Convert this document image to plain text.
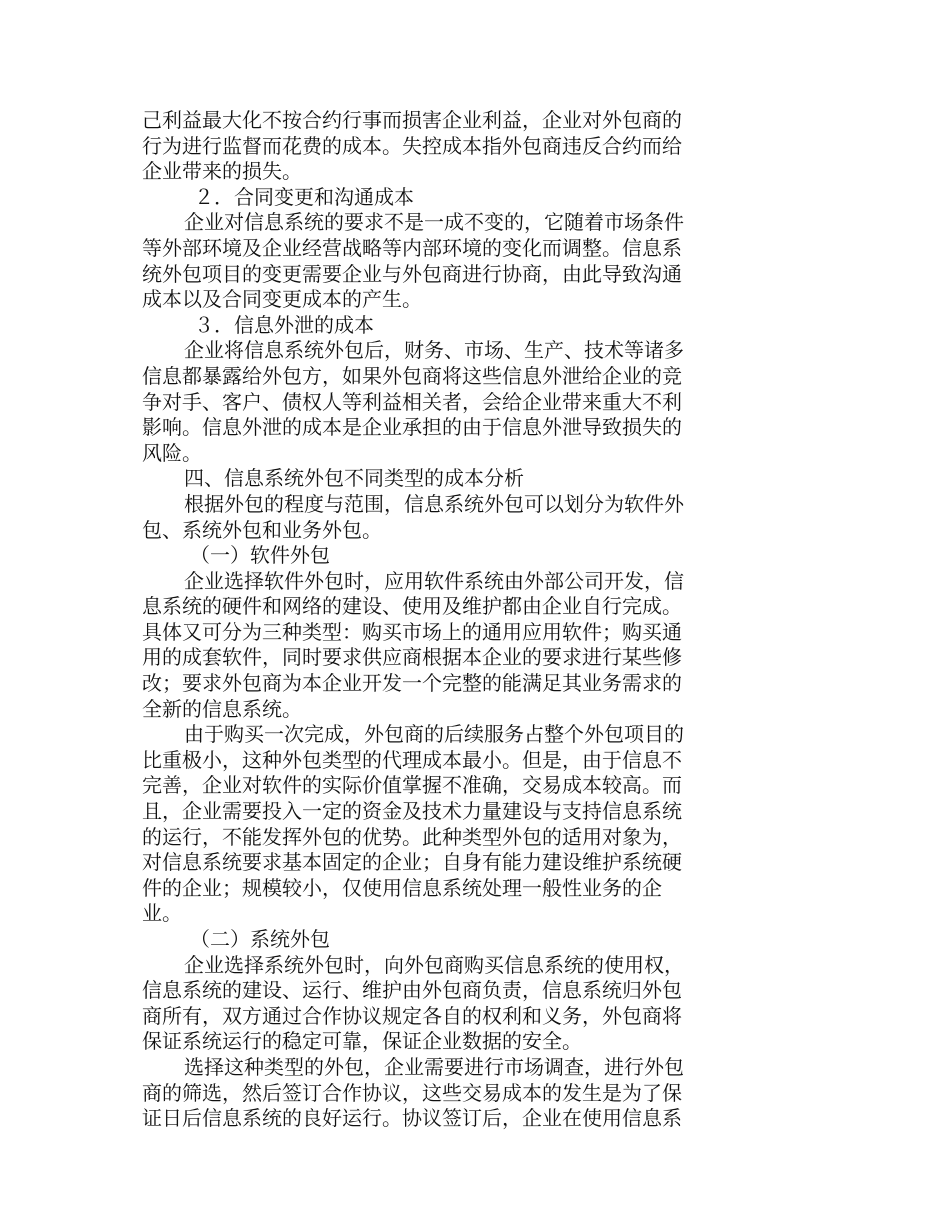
己利益最大化不按合约行事而损害企业利益，企业对外包商的
行为进行监督而花费的成本。失控成本指外包商违反合约而给
企业带来的损失。
２．合同变更和沟通成本
企业对信息系统的要求不是一成不变的，它随着市场条件
等外部环境及企业经营战略等内部环境的变化而调整。信息系
统外包项目的变更需要企业与外包商进行协商，由此导致沟通
成本以及合同变更成本的产生。
３．信息外泄的成本
企业将信息系统外包后，财务、市场、生产、技术等诸多
信息都暴露给外包方，如果外包商将这些信息外泄给企业的竞
争对手、客户、债权人等利益相关者，会给企业带来重大不利
影响。信息外泄的成本是企业承担的由于信息外泄导致损失的
风险。
四、信息系统外包不同类型的成本分析
根据外包的程度与范围，信息系统外包可以划分为软件外
包、系统外包和业务外包。
（一）软件外包
企业选择软件外包时，应用软件系统由外部公司开发，信
息系统的硬件和网络的建设、使用及维护都由企业自行完成。
具体又可分为三种类型：购买市场上的通用应用软件；购买通
用的成套软件，同时要求供应商根据本企业的要求进行某些修
改；要求外包商为本企业开发一个完整的能满足其业务需求的
全新的信息系统。
由于购买一次完成，外包商的后续服务占整个外包项目的
比重极小，这种外包类型的代理成本最小。但是，由于信息不
完善，企业对软件的实际价值掌握不准确，交易成本较高。而
且，企业需要投入一定的资金及技术力量建设与支持信息系统
的运行，不能发挥外包的优势。此种类型外包的适用对象为，
对信息系统要求基本固定的企业；自身有能力建设维护系统硬
件的企业；规模较小，仅使用信息系统处理一般性业务的企
业。
（二）系统外包
企业选择系统外包时，向外包商购买信息系统的使用权，
信息系统的建设、运行、维护由外包商负责，信息系统归外包
商所有，双方通过合作协议规定各自的权利和义务，外包商将
保证系统运行的稳定可靠，保证企业数据的安全。
选择这种类型的外包，企业需要进行市场调查，进行外包
商的筛选，然后签订合作协议，这些交易成本的发生是为了保
证日后信息系统的良好运行。协议签订后，企业在使用信息系
